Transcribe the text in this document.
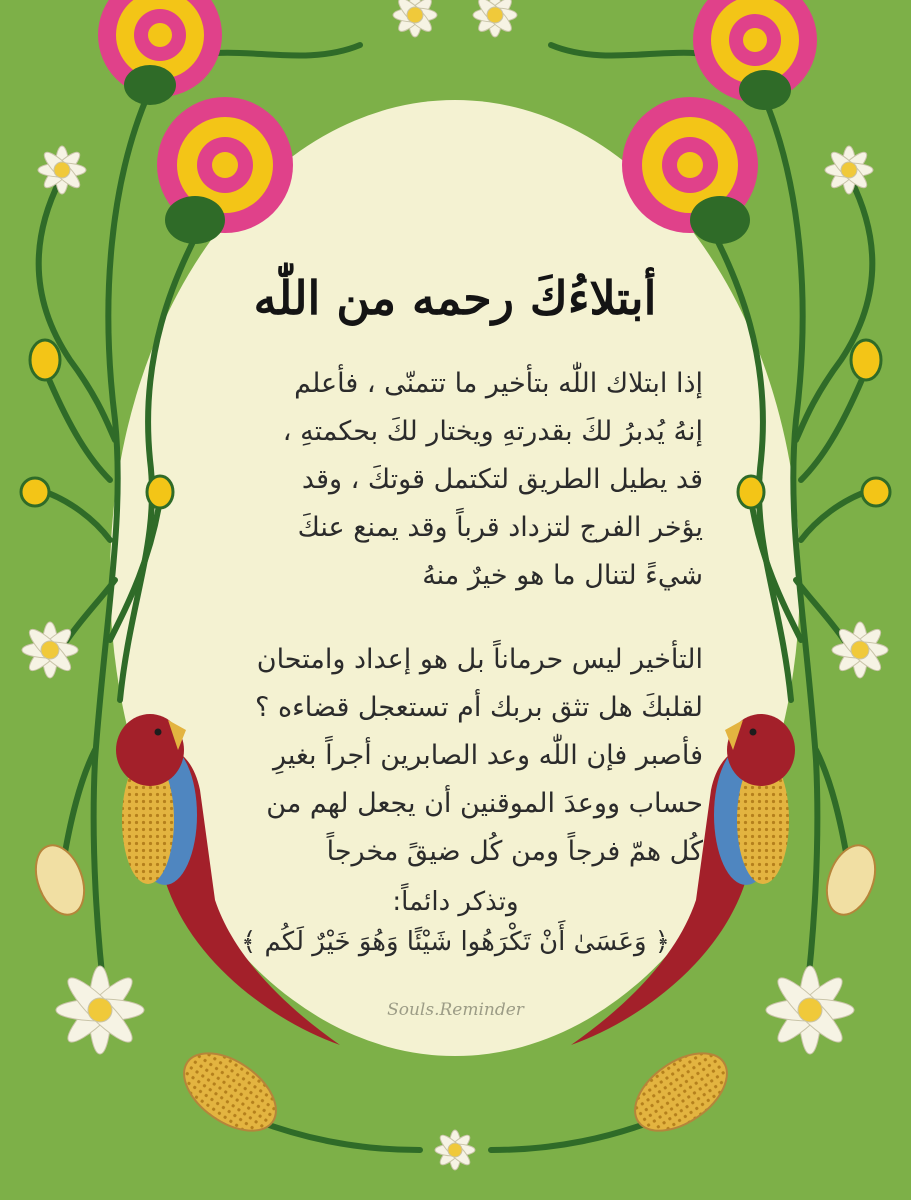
أبتلاءُكَ رحمه من اللّٰه
إذا ابتلاك اللّٰه بتأخير ما تتمنّى ، فأعلم
إنهُ يُدبرُ لكَ بقدرتهِ ويختار لكَ بحكمتهِ ،
قد يطيل الطريق لتكتمل قوتكَ ، وقد
يؤخر الفرج لتزداد قرباً وقد يمنع عنكَ
شيءً لتنال ما هو خيرٌ منهُ
التأخير ليس حرماناً بل هو إعداد وامتحان
لقلبكَ هل تثق بربك أم تستعجل قضاءه ؟
فأصبر فإن اللّٰه وعد الصابرين أجراً بغيرِ
حساب ووعدَ الموقنين أن يجعل لهم من
كُل همّ فرجاً ومن كُل ضيقً مخرجاً
وتذكر دائماً:
﴿ وَعَسَىٰ أَنْ تَكْرَهُوا شَيْئًا وَهُوَ خَيْرٌ لَكُم ﴾
Souls.Reminder
